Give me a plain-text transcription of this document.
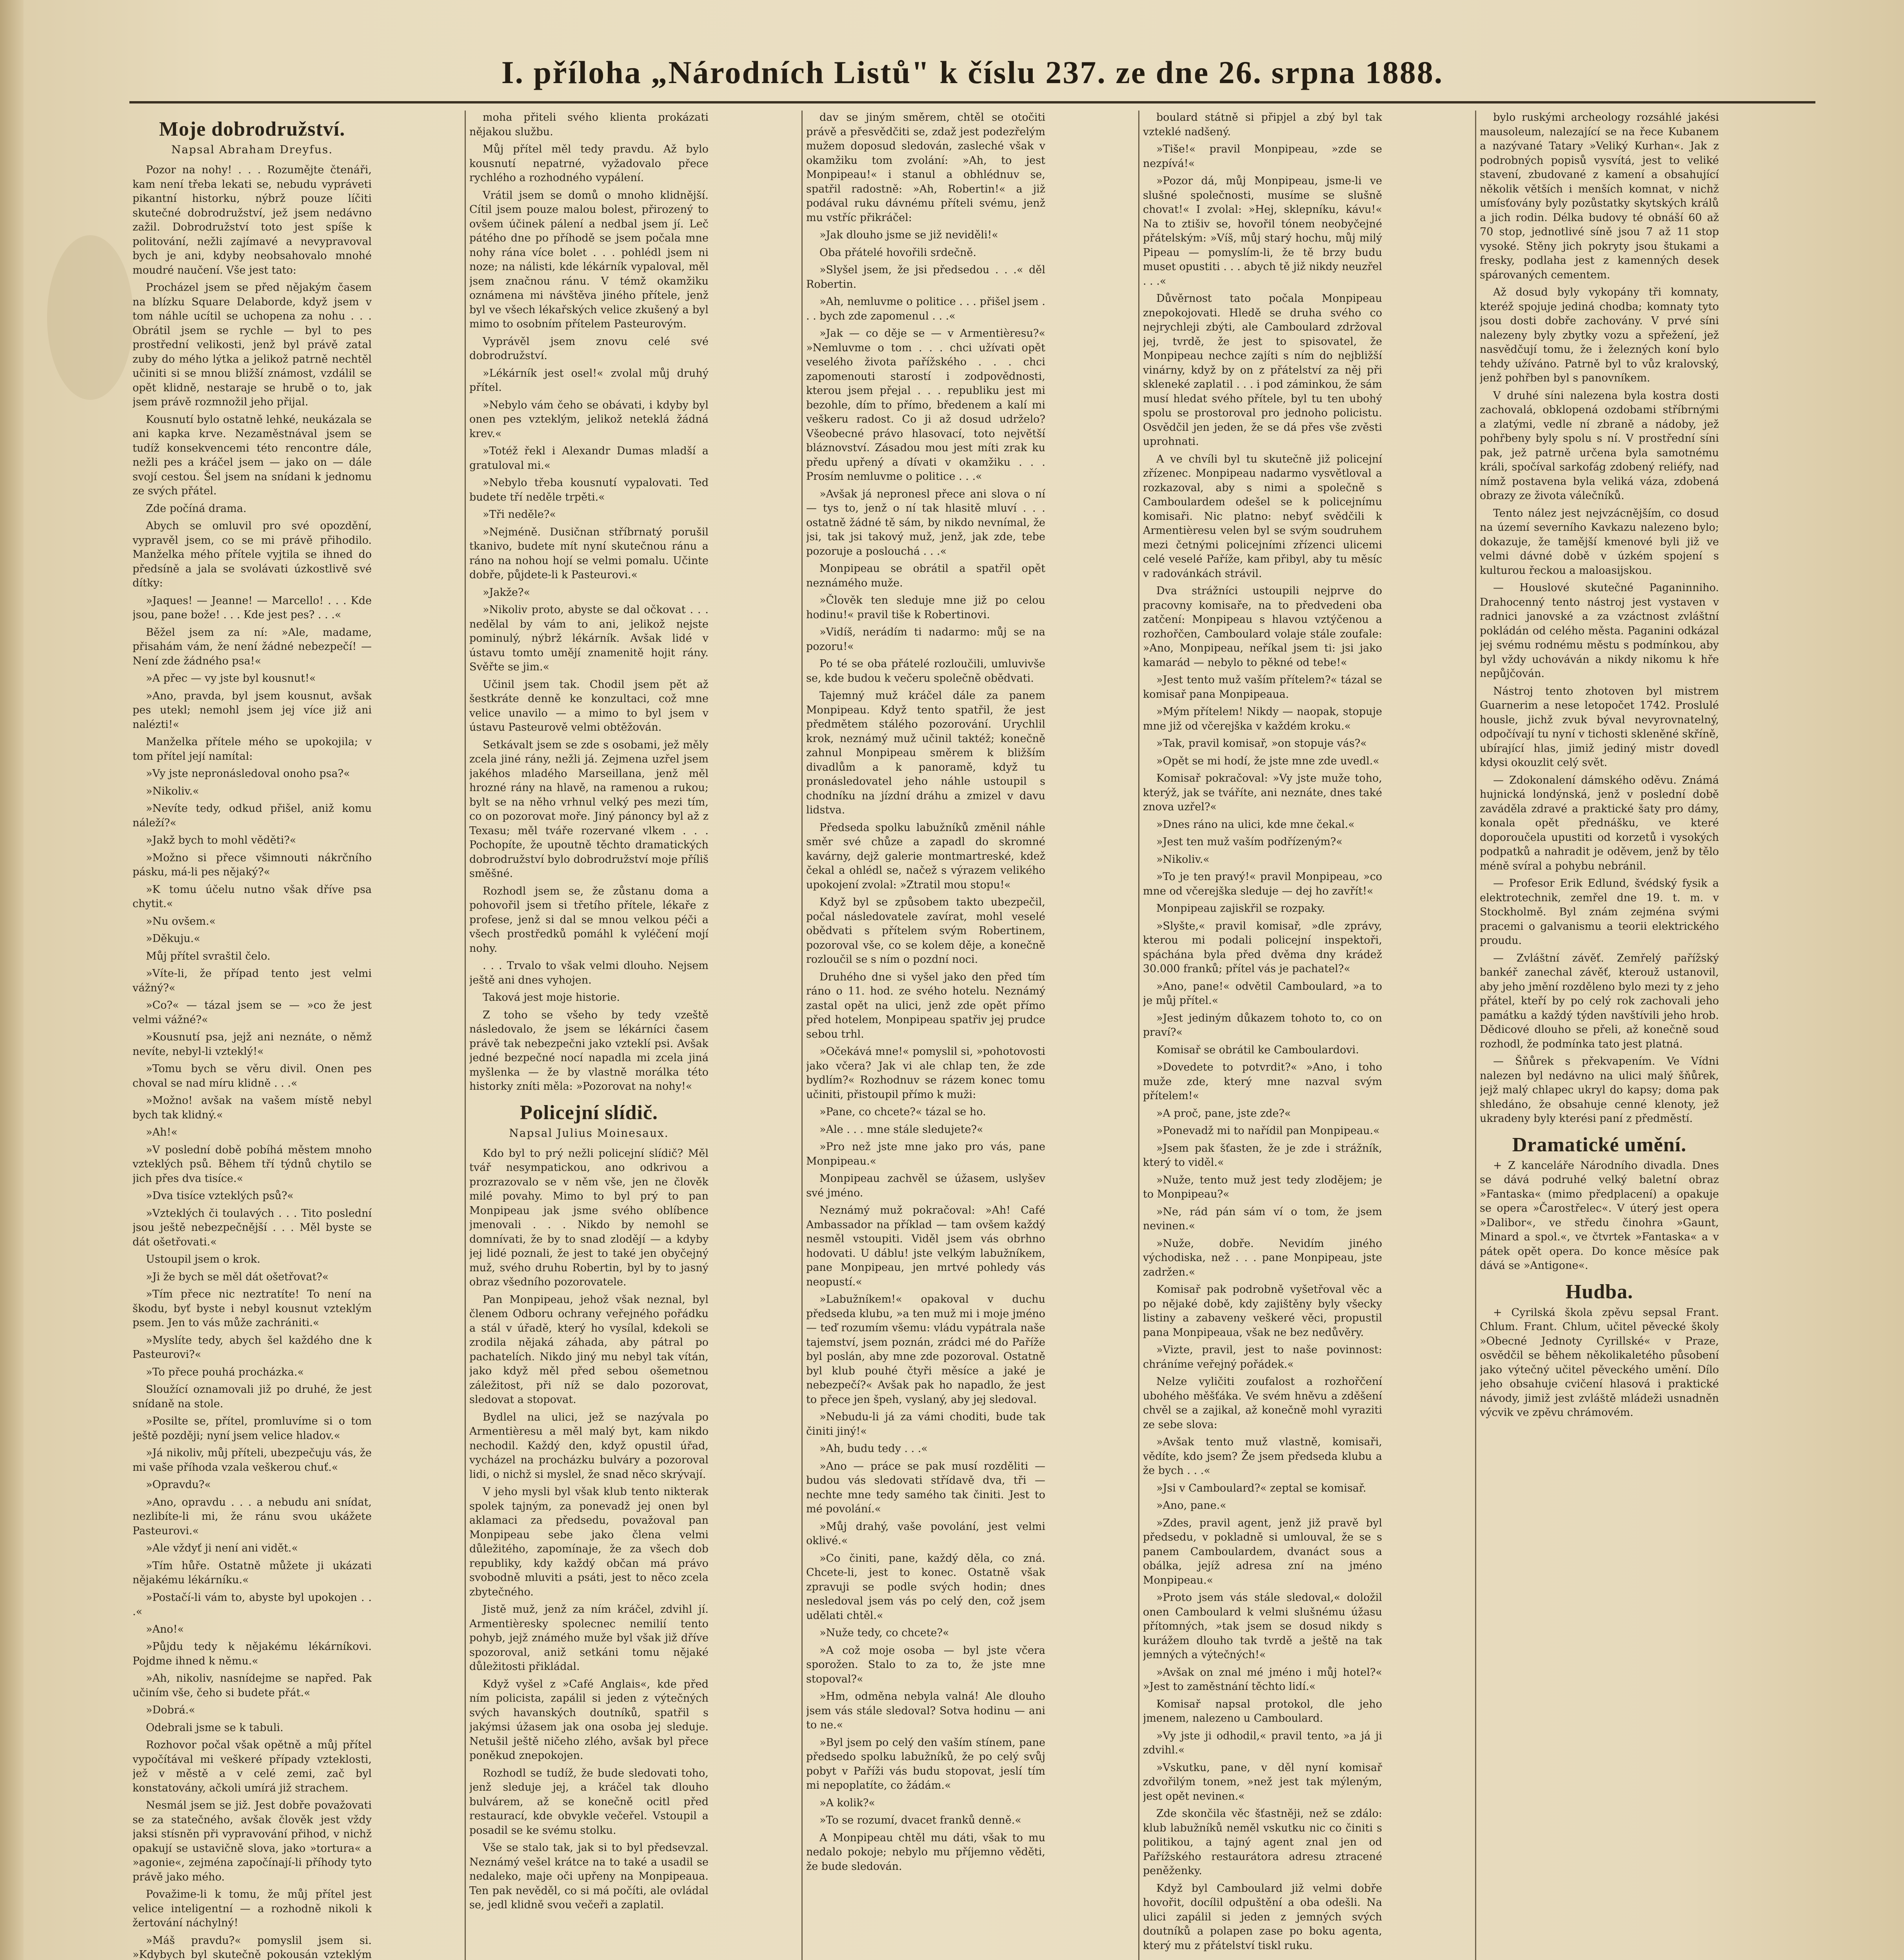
I. příloha „Národních Listů" k číslu 237. ze dne 26. srpna 1888.
Moje dobrodružství.
Napsal Abraham Dreyfus.

Pozor na nohy! . . . Rozumějte čtenáři, kam není třeba lekati se, nebudu vypráveti pikantní historku, nýbrž pouze líčiti skutečné dobrodružství, jež jsem nedávno zažil. Dobrodružství toto jest spíše k politování, nežli zajímavé a nevypravoval bych je ani, kdyby neobsahovalo mnohé moudré naučení. Vše jest tato:

Procházel jsem se před nějakým časem na blízku Square Delaborde, když jsem v tom náhle ucítil se uchopena za nohu . . . Obrátil jsem se rychle — byl to pes prostřední velikosti, jenž byl právě zatal zuby do mého lýtka a jelikož patrně nechtěl učiniti si se mnou bližší známost, vzdálil se opět klidně, nestaraje se hrubě o to, jak jsem právě rozmnožil jeho přijal.

Kousnutí bylo ostatně lehké, neukázala se ani kapka krve. Nezaměstnával jsem se tudíž konsekvencemi této rencontre dále, nežli pes a kráčel jsem — jako on — dále svojí cestou. Šel jsem na snídani k jednomu ze svých přátel.

Zde počíná drama.

Abych se omluvil pro své opozdění, vypravěl jsem, co se mi právě přihodilo. Manželka mého přítele vyjtila se ihned do předsíně a jala se svolávati úzkostlivě své dítky:

»Jaques! — Jeanne! — Marcello! . . . Kde jsou, pane bože! . . . Kde jest pes? . . .«

Běžel jsem za ní: »Ale, madame, přisahám vám, že není žádné nebezpečí! — Není zde žádného psa!«

»A přec — vy jste byl kousnut!«

»Ano, pravda, byl jsem kousnut, avšak pes utekl; nemohl jsem jej více již ani nalézti!«

Manželka přítele mého se upokojila; v tom přítel její namítal:

»Vy jste nepronásledoval onoho psa?«

»Nikoliv.«

»Nevíte tedy, odkud přišel, aniž komu náleží?«

»Jakž bych to mohl věděti?«

»Možno si přece všimnouti nákrčního pásku, má-li pes nějaký?«

»K tomu účelu nutno však dříve psa chytit.«

»Nu ovšem.«

»Děkuju.«

Můj přítel svraštil čelo.

»Víte-li, že případ tento jest velmi vážný?«

»Co?« — tázal jsem se — »co že jest velmi vážné?«

»Kousnutí psa, jejž ani neznáte, o němž nevíte, nebyl-li vzteklý!«

»Tomu bych se věru divil. Onen pes choval se nad míru klidně . . .«

»Možno! avšak na vašem místě nebyl bych tak klidný.«

»Ah!«

»V poslední době pobíhá městem mnoho vzteklých psů. Během tří týdnů chytilo se jich přes dva tisíce.«

»Dva tisíce vzteklých psů?«

»Vzteklých či toulavých . . . Tito poslední jsou ještě nebezpečnější . . . Měl byste se dát ošetřovati.«

Ustoupil jsem o krok.

»Ji že bych se měl dát ošetřovat?«

»Tím přece nic neztratíte! To není na škodu, byť byste i nebyl kousnut vzteklým psem. Jen to vás může zachrániti.«

»Myslíte tedy, abych šel každého dne k Pasteurovi?«

»To přece pouhá procházka.«

Sloužící oznamovali již po druhé, že jest snídaně na stole.

»Posilte se, přítel, promluvíme si o tom ještě později; nyní jsem velice hladov.«

»Já nikoliv, můj příteli, ubezpečuju vás, že mi vaše příhoda vzala veškerou chuť.«

»Opravdu?«

»Ano, opravdu . . . a nebudu ani snídat, nezlibíte-li mi, že ránu svou ukážete Pasteurovi.«

»Ale vždyť ji není ani vidět.«

»Tím hůře. Ostatně můžete ji ukázati nějakému lékárníku.«

»Postačí-li vám to, abyste byl upokojen . . .«

»Ano!«

»Půjdu tedy k nějakému lékárníkovi. Pojdme ihned k němu.«

»Ah, nikoliv, nasnídejme se napřed. Pak učiním vše, čeho si budete přát.«

»Dobrá.«

Odebrali jsme se k tabuli.

Rozhovor počal však opětně a můj přítel vypočítával mi veškeré případy vzteklosti, jež v městě a v celé zemi, zač byl konstatovány, ačkoli umírá již strachem.

Nesmál jsem se již. Jest dobře považovati se za statečného, avšak člověk jest vždy jaksi stísněn při vypravování přihod, v nichž opakují se ustavičně slova, jako »tortura« a »agonie«, zejména započínají-li příhody tyto právě jako mého.

Považime-li k tomu, že můj přítel jest velice inteligentní — a rozhodně nikoli k žertování náchylný!

»Máš pravdu?« pomyslil jsem si. »Kdybych byl skutečně pokousán vzteklým

moha přiteli svého klienta prokázati nějakou službu.

Můj přítel měl tedy pravdu. Až bylo kousnutí nepatrné, vyžadovalo přece rychlého a rozhodného vypálení.

Vrátil jsem se domů o mnoho klidnější. Cítil jsem pouze malou bolest, přirozený to ovšem účinek pálení a nedbal jsem jí. Leč pátého dne po příhodě se jsem počala mne nohy rána více bolet . . . pohlédl jsem ni noze; na nálisti, kde lékárník vypaloval, měl jsem značnou ránu. V témž okamžiku oznámena mi návštěva jiného přítele, jenž byl ve všech lékařských velice zkušený a byl mimo to osobním přítelem Pasteurovým.

Vyprávěl jsem znovu celé své dobrodružství.

»Lékárník jest osel!« zvolal můj druhý přítel.

»Nebylo vám čeho se obávati, i kdyby byl onen pes vzteklým, jelikož neteklá žádná krev.«

»Totéž řekl i Alexandr Dumas mladší a gratuloval mi.«

»Nebylo třeba kousnutí vypalovati. Teď budete tří neděle trpěti.«

»Tři neděle?«

»Nejméně. Dusičnan stříbrnatý porušil tkanivo, budete mít nyní skutečnou ránu a ráno na nohou hojí se velmi pomalu. Učinte dobře, půjdete-li k Pasteurovi.«

»Jakže?«

»Nikoliv proto, abyste se dal očkovat . . . nedělal by vám to ani, jelikož nejste pominulý, nýbrž lékárník. Avšak lidé v ústavu tomto umějí znamenitě hojit rány. Svěřte se jim.«

Učinil jsem tak. Chodil jsem pět až šestkráte denně ke konzultaci, což mne velice unavilo — a mimo to byl jsem v ústavu Pasteurově velmi obtěžován.

Setkávalt jsem se zde s osobami, jež měly zcela jiné rány, nežli já. Zejmena uzřel jsem jakéhos mladého Marseillana, jenž měl hrozné rány na hlavě, na ramenou a rukou; bylt se na něho vrhnul velký pes mezi tím, co on pozorovat moře. Jiný pánoncy byl až z Texasu; měl tváře rozervané vlkem . . . Pochopíte, že upoutně těchto dramatických dobrodružství bylo dobrodružství moje příliš směšné.

Rozhodl jsem se, že zůstanu doma a pohovořil jsem si třetího přítele, lékaře z profese, jenž si dal se mnou velkou péči a všech prostředků pomáhl k vyléčení mojí nohy.

. . . Trvalo to však velmi dlouho. Nejsem ještě ani dnes vyhojen.

Taková jest moje historie.

Z toho se všeho by tedy vzeště následovalo, že jsem se lékárníci časem právě tak nebezpečni jako vzteklí psi. Avšak jedné bezpečné nocí napadla mi zcela jiná myšlenka — že by vlastně morálka této historky zníti měla: »Pozorovat na nohy!«

Policejní slídič.
Napsal Julius Moinesaux.

Kdo byl to prý nežli policejní slídič? Měl tvář nesympatickou, ano odkrivou a prozrazovalo se v něm vše, jen ne člověk milé povahy. Mimo to byl prý to pan Monpipeau jak jsme svého oblíbence jmenovali . . . Nikdo by nemohl se domnívati, že by to snad zlodějí — a kdyby jej lidé poznali, že jest to také jen obyčejný muž, svého druhu Robertin, byl by to jasný obraz všedního pozorovatele.

Pan Monpipeau, jehož však neznal, byl členem Odboru ochrany veřejného pořádku a stál v úřadě, který ho vysílal, kdekoli se zrodila nějaká záhada, aby pátral po pachatelích. Nikdo jiný mu nebyl tak vítán, jako když měl před sebou ošemetnou záležitost, při níž se dalo pozorovat, sledovat a stopovat.

Bydlel na ulici, jež se nazývala po Armentièresu a měl malý byt, kam nikdo nechodil. Každý den, když opustil úřad, vycházel na procházku bulváry a pozoroval lidi, o nichž si myslel, že snad něco skrývají.

V jeho mysli byl však klub tento nikterak spolek tajným, za ponevadž jej onen byl aklamaci za předsedu, považoval pan Monpipeau sebe jako člena velmi důležitého, zapomínaje, že za všech dob republiky, kdy každý občan má právo svobodně mluviti a psáti, jest to něco zcela zbytečného.

Jistě muž, jenž za ním kráčel, zdvihl jí. Armentièresky spolecnec nemilií tento pohyb, jejž známého muže byl však již dříve spozoroval, aniž setkáni tomu nějaké důležitosti přikládal.

Když vyšel z »Café Anglais«, kde před ním policista, zapálil si jeden z výtečných svých havanských doutníků, spatřil s jakýmsi úžasem jak ona osoba jej sleduje. Netušil ještě ničeho zlého, avšak byl přece poněkud znepokojen.

Rozhodl se tudíž, že bude sledovati toho, jenž sleduje jej, a kráčel tak dlouho bulvárem, až se konečně ocitl před restaurací, kde obvykle večeřel. Vstoupil a posadil se ke svému stolku.

Vše se stalo tak, jak si to byl předsevzal. Neznámý vešel krátce na to také a usadil se nedaleko, maje oči upřeny na Monpipeaua. Ten pak nevěděl, co si má počíti, ale ovládal se, jedl klidně svou večeři a zaplatil.

dav se jiným směrem, chtěl se otočiti právě a přesvědčiti se, zdaž jest podezřelým mužem doposud sledován, zasleché však v okamžiku tom zvolání: »Ah, to jest Monpipeau!« i stanul a obhlédnuv se, spatřil radostně: »Ah, Robertin!« a již podával ruku dávnému příteli svému, jenž mu vstříc přikráčel:

»Jak dlouho jsme se již neviděli!«

Oba přátelé hovořili srdečně.

»Slyšel jsem, že jsi předsedou . . .« děl Robertin.

»Ah, nemluvme o politice . . . přišel jsem . . . bych zde zapomenul . . .«

»Jak — co děje se — v Armentièresu?« »Nemluvme o tom . . . chci užívati opět veselého života pařížského . . . chci zapomenouti starostí i zodpovědnosti, kterou jsem přejal . . . republiku jest mi bezohle, dím to přímo, bředenem a kalí mi veškeru radost. Co ji až dosud udrželo? Všeobecné právo hlasovací, toto největší bláznovství. Zásadou mou jest míti zrak ku předu upřený a dívati v okamžiku . . . Prosím nemluvme o politice . . .«

»Avšak já nepronesl přece ani slova o ní — tys to, jenž o ní tak hlasitě mluví . . . ostatně žádné tě sám, by nikdo nevnímal, že jsi, tak jsi takový muž, jenž, jak zde, tebe pozoruje a poslouchá . . .«

Monpipeau se obrátil a spatřil opět neznámého muže.

»Člověk ten sleduje mne již po celou hodinu!« pravil tiše k Robertinovi.

»Vidíš, nerádím ti nadarmo: můj se na pozoru!«

Po té se oba přátelé rozloučili, umluvivše se, kde budou k večeru společně obědvati.

Tajemný muž kráčel dále za panem Monpipeau. Když tento spatřil, že jest předmětem stálého pozorování. Urychlil krok, neznámý muž učinil taktéž; konečně zahnul Monpipeau směrem k bližším divadlům a k panoramě, když tu pronásledovatel jeho náhle ustoupil s chodníku na jízdní dráhu a zmizel v davu lidstva.

Předseda spolku labužníků změnil náhle směr své chůze a zapadl do skromné kavárny, dejž galerie montmartreské, kdež čekal a ohlédl se, načež s výrazem velikého upokojení zvolal: »Ztratil mou stopu!«

Když byl se způsobem takto ubezpečil, počal následovatele zavírat, mohl veselé obědvati s přítelem svým Robertinem, pozoroval vše, co se kolem děje, a konečně rozloučil se s ním o pozdní noci.

Druhého dne si vyšel jako den před tím ráno o 11. hod. ze svého hotelu. Neznámý zastal opět na ulici, jenž zde opět přímo před hotelem, Monpipeau spatřiv jej prudce sebou trhl.

»Očekává mne!« pomyslil si, »pohotovosti jako včera? Jak vi ale chlap ten, že zde bydlím?« Rozhodnuv se rázem konec tomu učiniti, přistoupil přímo k muži:

»Pane, co chcete?« tázal se ho.

»Ale . . . mne stále sledujete?«

»Pro než jste mne jako pro vás, pane Monpipeau.«

Monpipeau zachvěl se úžasem, uslyšev své jméno.

Neznámý muž pokračoval: »Ah! Café Ambassador na příklad — tam ovšem každý nesměl vstoupiti. Viděl jsem vás obrhno hodovati. U dáblu! jste velkým labužníkem, pane Monpipeau, jen mrtvé pohledy vás neopustí.«

»Labužníkem!« opakoval v duchu předseda klubu, »a ten muž mi i moje jméno — teď rozumím všemu: vládu vypátrala naše tajemství, jsem poznán, zrádci mé do Paříže byl poslán, aby mne zde pozoroval. Ostatně byl klub pouhé čtyři měsíce a jaké je nebezpečí?« Avšak pak ho napadlo, že jest to přece jen špeh, vyslaný, aby jej sledoval.

»Nebudu-li já za vámi choditi, bude tak činiti jiný!«

»Ah, budu tedy . . .«

»Ano — práce se pak musí rozděliti — budou vás sledovati střídavě dva, tři — nechte mne tedy samého tak činiti. Jest to mé povolání.«

»Můj drahý, vaše povolání, jest velmi oklivé.«

»Co činiti, pane, každý děla, co zná. Chcete-li, jest to konec. Ostatně však zpravuji se podle svých hodin; dnes nesledoval jsem vás po celý den, což jsem udělati chtěl.«

»Nuže tedy, co chcete?«

»A což moje osoba — byl jste včera sporožen. Stalo to za to, že jste mne stopoval?«

»Hm, odměna nebyla valná! Ale dlouho jsem vás stále sledoval? Sotva hodinu — ani to ne.«

»Byl jsem po celý den vaším stínem, pane předsedo spolku labužníků, že po celý svůj pobyt v Paříži vás budu stopovat, jeslí tím mi nepoplatíte, co žádám.«

»A kolik?«

»To se rozumí, dvacet franků denně.«

A Monpipeau chtěl mu dáti, však to mu nedalo pokoje; nebylo mu příjemno věděti, že bude sledován.

boulard státně si připjel a zbý byl tak vzteklé nadšený.

»Tiše!« pravil Monpipeau, »zde se nezpívá!«

»Pozor dá, můj Monpipeau, jsme-li ve slušné společnosti, musíme se slušně chovat!« I zvolal: »Hej, sklepníku, kávu!« Na to ztišiv se, hovořil tónem neobyčejné přátelským: »Víš, můj starý hochu, můj milý Pipeau — pomyslím-li, že tě brzy budu muset opustiti . . . abych tě již nikdy neuzřel . . .«

Důvěrnost tato počala Monpipeau znepokojovati. Hledě se druha svého co nejrychleji zbýti, ale Camboulard zdržoval jej, tvrdě, že jest to spisovatel, že Monpipeau nechce zajíti s ním do nejbližší vinárny, když by on z přátelství za něj při skleneké zaplatil . . . i pod záminkou, že sám musí hledat svého přítele, byl tu ten ubohý spolu se prostoroval pro jednoho policistu. Osvědčil jen jeden, že se dá přes vše zvěsti uprohnati.

A ve chvíli byl tu skutečně již policejní zřízenec. Monpipeau nadarmo vysvětloval a rozkazoval, aby s nimi a společně s Camboulardem odešel se k policejnímu komisaři. Nic platno: nebyť svědčili k Armentièresu velen byl se svým soudruhem mezi četnými policejními zřízenci ulicemi celé veselé Paříže, kam přibyl, aby tu měsíc v radovánkách strávil.

Dva strážníci ustoupili nejprve do pracovny komisaře, na to předvedeni oba zatčení: Monpipeau s hlavou vztýčenou a rozhořčen, Camboulard volaje stále zoufale: »Ano, Monpipeau, neříkal jsem ti: jsi jako kamarád — nebylo to pěkné od tebe!«

»Jest tento muž vaším přítelem?« tázal se komisař pana Monpipeaua.

»Mým přítelem! Nikdy — naopak, stopuje mne již od včerejška v každém kroku.«

»Tak, pravil komisař, »on stopuje vás?«

»Opět se mi hodí, že jste mne zde uvedl.«

Komisař pokračoval: »Vy jste muže toho, kterýž, jak se tváříte, ani neznáte, dnes také znova uzřel?«

»Dnes ráno na ulici, kde mne čekal.«

»Jest ten muž vaším podřízeným?«

»Nikoliv.«

»To je ten pravý!« pravil Monpipeau, »co mne od včerejška sleduje — dej ho zavřít!«

Monpipeau zajiskřil se rozpaky.

»Slyšte,« pravil komisař, »dle zprávy, kterou mi podali policejní inspektoři, spáchána byla před dvěma dny krádež 30.000 franků; přítel vás je pachatel?«

»Ano, pane!« odvětil Camboulard, »a to je můj přítel.«

»Jest jediným důkazem tohoto to, co on praví?«

Komisař se obrátil ke Camboulardovi.

»Dovedete to potvrdit?« »Ano, i toho muže zde, který mne nazval svým přítelem!«

»A proč, pane, jste zde?«

»Ponevadž mi to nařídil pan Monpipeau.«

»Jsem pak šťasten, že je zde i strážník, který to viděl.«

»Nuže, tento muž jest tedy zlodějem; je to Monpipeau?«

»Ne, rád pán sám ví o tom, že jsem nevinen.«

»Nuže, dobře. Nevidím jiného východiska, než . . . pane Monpipeau, jste zadržen.«

Komisař pak podrobně vyšetřoval věc a po nějaké době, kdy zajištěny byly všecky listiny a zabaveny veškeré věci, propustil pana Monpipeaua, však ne bez nedůvěry.

»Vizte, pravil, jest to naše povinnost: chráníme veřejný pořádek.«

Nelze vyličiti zoufalost a rozhořčení ubohého měšťáka. Ve svém hněvu a zděšení chvěl se a zajikal, až konečně mohl vyraziti ze sebe slova:

»Avšak tento muž vlastně, komisaři, vědíte, kdo jsem? Že jsem předseda klubu a že bych . . .«

»Jsi v Camboulard?« zeptal se komisař.

»Ano, pane.«

»Zdes, pravil agent, jenž již pravě byl předsedu, v pokladně si umlouval, že se s panem Camboulardem, dvanáct sous a obálka, jejíž adresa zní na jméno Monpipeau.«

»Proto jsem vás stále sledoval,« doložil onen Camboulard k velmi slušnému úžasu přítomných, »tak jsem se dosud nikdy s kurážem dlouho tak tvrdě a ještě na tak jemných a výtečných!«

»Avšak on znal mé jméno i můj hotel?« »Jest to zaměstnání těchto lidí.«

Komisař napsal protokol, dle jeho jmenem, nalezeno u Camboulard.

»Vy jste ji odhodil,« pravil tento, »a já ji zdvihl.«

»Vskutku, pane, v děl nyní komisař zdvořilým tonem, »než jest tak mýleným, jest opět nevinen.«

Zde skončila věc šťastněji, než se zdálo: klub labužníků neměl vskutku nic co činiti s politikou, a tajný agent znal jen od Pařížského restaurátora adresu ztracené peněženky.

Když byl Camboulard již velmi dobře hovořit, docílil odpuštění a oba odešli. Na ulici zapálil si jeden z jemných svých doutníků a polapen zase po boku agenta, který mu z přátelství tiskl ruku.

bylo ruskými archeology rozsáhlé jakési mausoleum, nalezající se na řece Kubanem a nazývané Tatary »Veliký Kurhan«. Jak z podrobných popisů vysvítá, jest to veliké stavení, zbudované z kamení a obsahující několik větších i menších komnat, v nichž umísťovány byly pozůstatky skytských králů a jich rodin. Délka budovy té obnáší 60 až 70 stop, jednotlivé síně jsou 7 až 11 stop vysoké. Stěny jich pokryty jsou štukami a fresky, podlaha jest z kamenných desek spárovaných cementem.

Až dosud byly vykopány tři komnaty, kteréž spojuje jediná chodba; komnaty tyto jsou dosti dobře zachovány. V prvé síni nalezeny byly zbytky vozu a spřežení, jež nasvědčují tomu, že i železných koní bylo tehdy užíváno. Patrně byl to vůz kralovský, jenž pohřben byl s panovníkem.

V druhé síni nalezena byla kostra dosti zachovalá, obklopená ozdobami stříbrnými a zlatými, vedle ní zbraně a nádoby, jež pohřbeny byly spolu s ní. V prostřední síni pak, jež patrně určena byla samotnému králi, spočíval sarkofág zdobený reliéfy, nad nímž postavena byla veliká váza, zdobená obrazy ze života válečníků.

Tento nález jest nejvzácnějším, co dosud na území severního Kavkazu nalezeno bylo; dokazuje, že tamější kmenové byli již ve velmi dávné době v úzkém spojení s kulturou řeckou a maloasijskou.

— Houslové skutečné Paganinniho. Drahocenný tento nástroj jest vystaven v radnici janovské a za vzáctnost zvláštní pokládán od celého města. Paganini odkázal jej svému rodnému městu s podmínkou, aby byl vždy uchováván a nikdy nikomu k hře nepůjčován.

Nástroj tento zhotoven byl mistrem Guarnerim a nese letopočet 1742. Proslulé housle, jichž zvuk býval nevyrovnatelný, odpočívají tu nyní v tichosti skleněné skříně, ubírající hlas, jimiž jediný mistr dovedl kdysi okouzlit celý svět.

— Zdokonalení dámského oděvu. Známá hujnická londýnská, jenž v poslední době zaváděla zdravé a praktické šaty pro dámy, konala opět přednášku, ve které doporoučela upustiti od korzetů i vysokých podpatků a nahradit je oděvem, jenž by tělo méně svíral a pohybu nebránil.

— Profesor Erik Edlund, švédský fysik a elektrotechnik, zemřel dne 19. t. m. v Stockholmě. Byl znám zejména svými pracemi o galvanismu a teorii elektrického proudu.

— Zvláštní závěť. Zemřelý pařížský bankéř zanechal závěť, kterouž ustanovil, aby jeho jmění rozděleno bylo mezi ty z jeho přátel, kteří by po celý rok zachovali jeho památku a každý týden navštívili jeho hrob. Dědicové dlouho se přeli, až konečně soud rozhodl, že podmínka tato jest platná.

— Šňůrek s překvapením. Ve Vídni nalezen byl nedávno na ulici malý šňůrek, jejž malý chlapec ukryl do kapsy; doma pak shledáno, že obsahuje cenné klenoty, jež ukradeny byly kterési paní z předměstí.

Dramatické umění.

+ Z kanceláře Národního divadla. Dnes se dává podruhé velký baletní obraz »Fantaska« (mimo předplacení) a opakuje se opera »Čarostřelec«. V úterý jest opera »Dalibor«, ve středu činohra »Gaunt, Minard a spol.«, ve čtvrtek »Fantaska« a v pátek opět opera. Do konce měsíce pak dává se »Antigone«.

Hudba.

+ Cyrilská škola zpěvu sepsal Frant. Chlum. Frant. Chlum, učitel pěvecké školy »Obecné Jednoty Cyrillské« v Praze, osvědčil se během několikaletého působení jako výtečný učitel pěveckého umění. Dílo jeho obsahuje cvičení hlasová i praktické návody, jimiž jest zvláště mládeži usnadněn výcvik ve zpěvu chrámovém.
